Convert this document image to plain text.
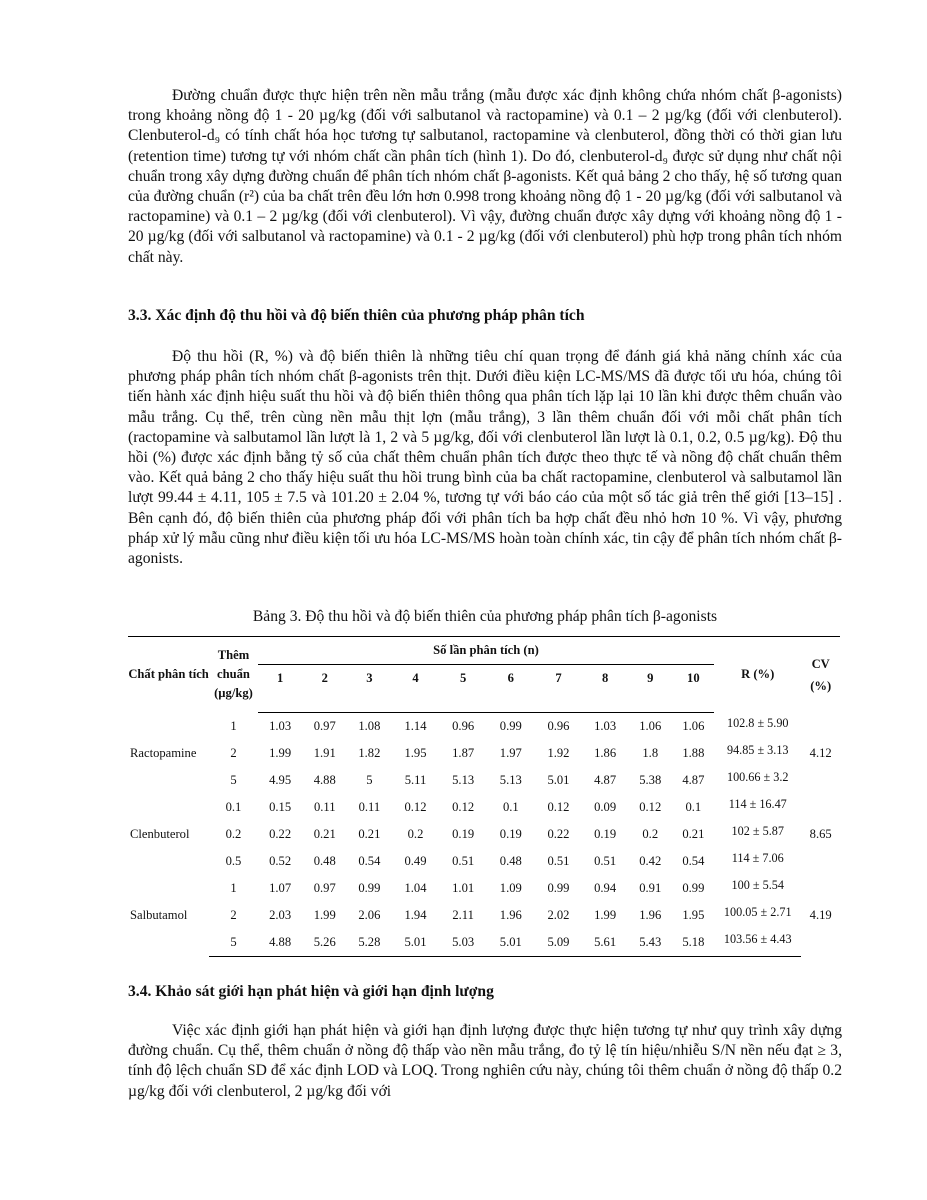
Đường chuẩn được thực hiện trên nền mẫu trắng (mẫu được xác định không chứa nhóm chất β-agonists) trong khoảng nồng độ 1 - 20 µg/kg (đối với salbutanol và ractopamine) và 0.1 – 2 µg/kg (đối với clenbuterol). Clenbuterol-d₉ có tính chất hóa học tương tự salbutanol, ractopamine và clenbuterol, đồng thời có thời gian lưu (retention time) tương tự với nhóm chất cần phân tích (hình 1). Do đó, clenbuterol-d₉ được sử dụng như chất nội chuẩn trong xây dựng đường chuẩn để phân tích nhóm chất β-agonists. Kết quả bảng 2 cho thấy, hệ số tương quan của đường chuẩn (r²) của ba chất trên đều lớn hơn 0.998 trong khoảng nồng độ 1 - 20 µg/kg (đối với salbutanol và ractopamine) và 0.1 – 2 µg/kg (đối với clenbuterol). Vì vậy, đường chuẩn được xây dựng với khoảng nồng độ 1 - 20 µg/kg (đối với salbutanol và ractopamine) và 0.1 - 2 µg/kg (đối với clenbuterol) phù hợp trong phân tích nhóm chất này.

3.3. Xác định độ thu hồi và độ biến thiên của phương pháp phân tích

Độ thu hồi (R, %) và độ biến thiên là những tiêu chí quan trọng để đánh giá khả năng chính xác của phương pháp phân tích nhóm chất β-agonists trên thịt. Dưới điều kiện LC-MS/MS đã được tối ưu hóa, chúng tôi tiến hành xác định hiệu suất thu hồi và độ biến thiên thông qua phân tích lặp lại 10 lần khi được thêm chuẩn vào mẫu trắng. Cụ thể, trên cùng nền mẫu thịt lợn (mẫu trắng), 3 lần thêm chuẩn đối với mỗi chất phân tích (ractopamine và salbutamol lần lượt là 1, 2 và 5 µg/kg, đối với clenbuterol lần lượt là 0.1, 0.2, 0.5 µg/kg). Độ thu hồi (%) được xác định bằng tỷ số của chất thêm chuẩn phân tích được theo thực tế và nồng độ chất chuẩn thêm vào. Kết quả bảng 2 cho thấy hiệu suất thu hồi trung bình của ba chất ractopamine, clenbuterol và salbutamol lần lượt 99.44 ± 4.11, 105 ± 7.5 và 101.20 ± 2.04 %, tương tự với báo cáo của một số tác giả trên thế giới [13–15] . Bên cạnh đó, độ biến thiên của phương pháp đối với phân tích ba hợp chất đều nhỏ hơn 10 %. Vì vậy, phương pháp xử lý mẫu cũng như điều kiện tối ưu hóa LC-MS/MS hoàn toàn chính xác, tin cậy để phân tích nhóm chất β-agonists.

Bảng 3. Độ thu hồi và độ biến thiên của phương pháp phân tích β-agonists

Chất phân tích	Thêm chuẩn (µg/kg)	Số lần phân tích (n)										R (%)	CV (%)
		1	2	3	4	5	6	7	8	9	10		

Ractopamine	1	1.03	0.97	1.08	1.14	0.96	0.99	0.96	1.03	1.06	1.06	102.8 ± 5.90	4.12
	2	1.99	1.91	1.82	1.95	1.87	1.97	1.92	1.86	1.8	1.88	94.85 ± 3.13	
	5	4.95	4.88	5	5.11	5.13	5.13	5.01	4.87	5.38	4.87	100.66 ± 3.2	
Clenbuterol	0.1	0.15	0.11	0.11	0.12	0.12	0.1	0.12	0.09	0.12	0.1	114 ± 16.47	8.65
	0.2	0.22	0.21	0.21	0.2	0.19	0.19	0.22	0.19	0.2	0.21	102 ± 5.87	
	0.5	0.52	0.48	0.54	0.49	0.51	0.48	0.51	0.51	0.42	0.54	114 ± 7.06	
Salbutamol	1	1.07	0.97	0.99	1.04	1.01	1.09	0.99	0.94	0.91	0.99	100 ± 5.54	4.19
	2	2.03	1.99	2.06	1.94	2.11	1.96	2.02	1.99	1.96	1.95	100.05 ± 2.71	
	5	4.88	5.26	5.28	5.01	5.03	5.01	5.09	5.61	5.43	5.18	103.56 ± 4.43	
3.4. Khảo sát giới hạn phát hiện và giới hạn định lượng

Việc xác định giới hạn phát hiện và giới hạn định lượng được thực hiện tương tự như quy trình xây dựng đường chuẩn. Cụ thể, thêm chuẩn ở nồng độ thấp vào nền mẫu trắng, đo tỷ lệ tín hiệu/nhiễu S/N nền nếu đạt ≥ 3, tính độ lệch chuẩn SD để xác định LOD và LOQ. Trong nghiên cứu này, chúng tôi thêm chuẩn ở nồng độ thấp 0.2 µg/kg đối với clenbuterol, 2 µg/kg đối với
